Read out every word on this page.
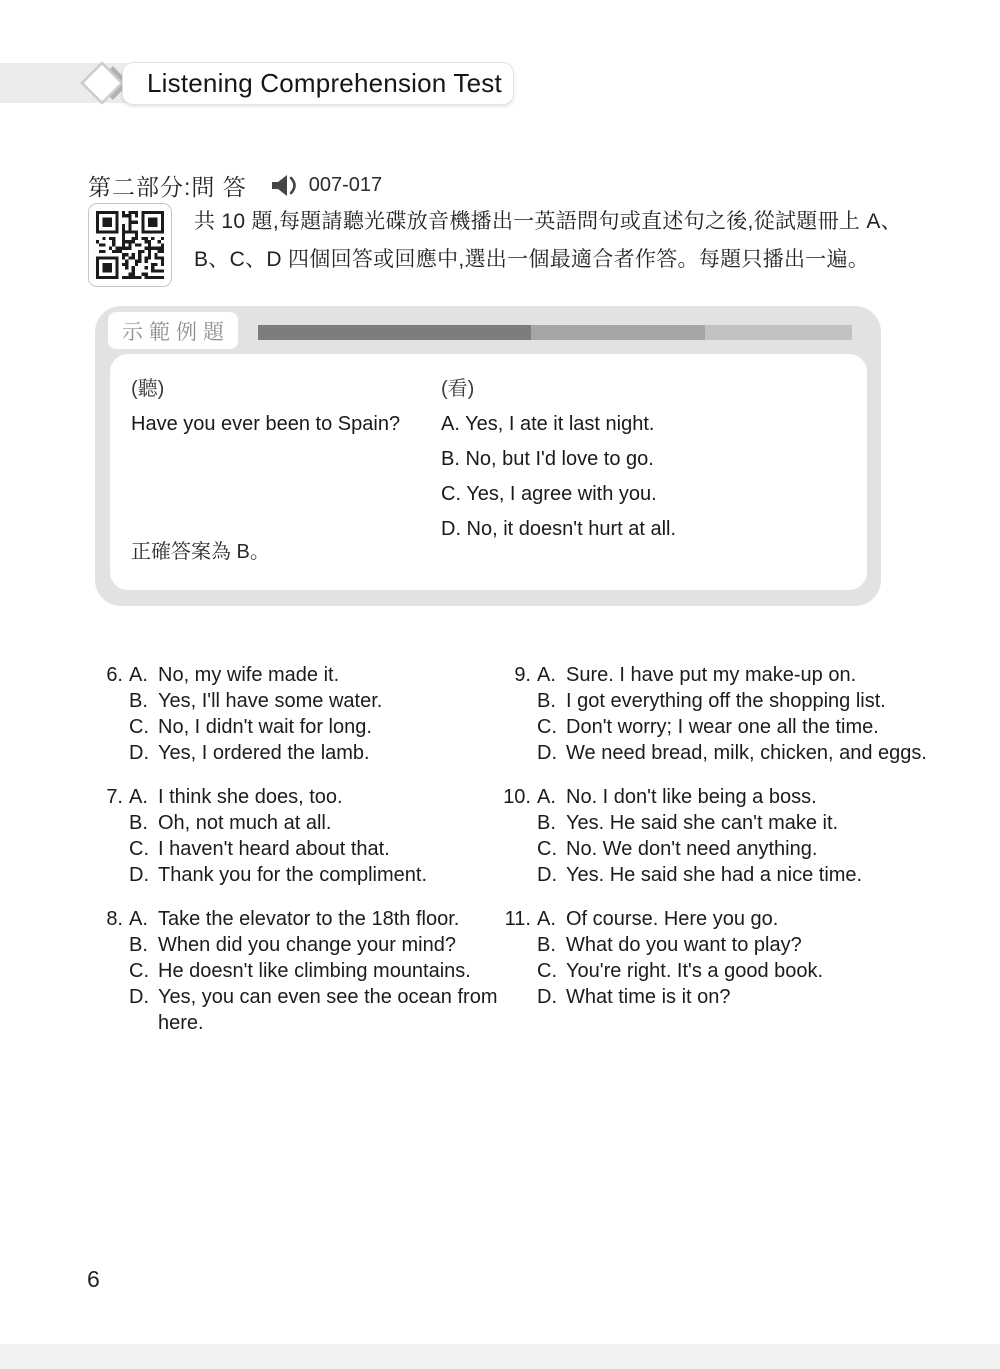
Listening Comprehension Test
第二部分:問 答	007-017
共 10 題,每題請聽光碟放音機播出一英語問句或直述句之後,從試題冊上 A、B、C、D 四個回答或回應中,選出一個最適合者作答。每題只播出一遍。
示範例題
(聽)
Have you ever been to Spain?
(看)
A. Yes, I ate it last night.
B. No, but I'd love to go.
C. Yes, I agree with you.
D. No, it doesn't hurt at all.
正確答案為 B。
6. A. No, my wife made it.
B. Yes, I'll have some water.
C. No, I didn't wait for long.
D. Yes, I ordered the lamb.
7. A. I think she does, too.
B. Oh, not much at all.
C. I haven't heard about that.
D. Thank you for the compliment.
8. A. Take the elevator to the 18th floor.
B. When did you change your mind?
C. He doesn't like climbing mountains.
D. Yes, you can even see the ocean from here.
9. A. Sure. I have put my make-up on.
B. I got everything off the shopping list.
C. Don't worry; I wear one all the time.
D. We need bread, milk, chicken, and eggs.
10. A. No. I don't like being a boss.
B. Yes. He said she can't make it.
C. No. We don't need anything.
D. Yes. He said she had a nice time.
11. A. Of course. Here you go.
B. What do you want to play?
C. You're right. It's a good book.
D. What time is it on?
6
